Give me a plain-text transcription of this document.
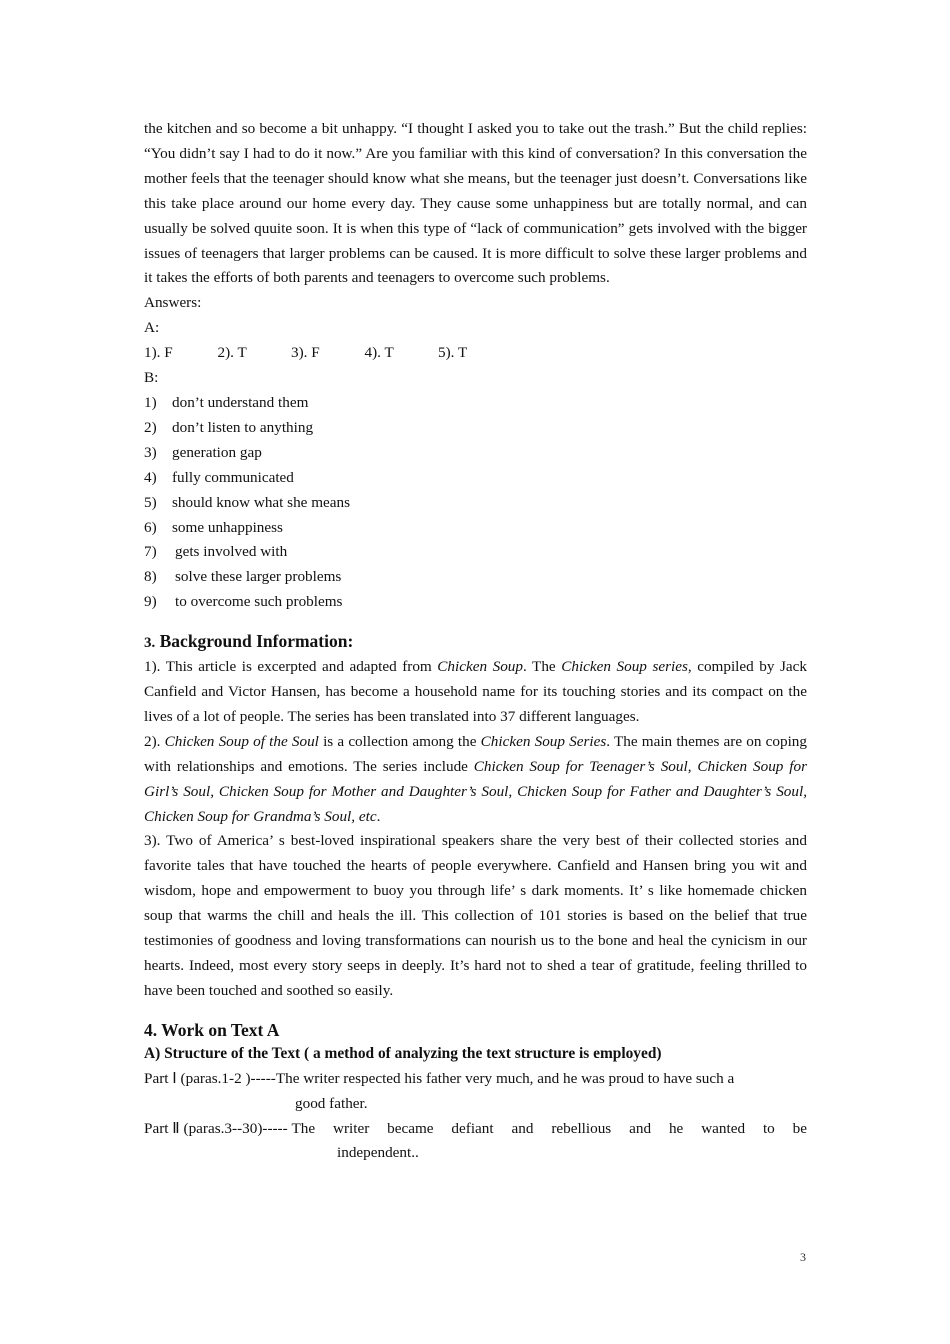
the kitchen and so become a bit unhappy. “I thought I asked you to take out the trash.” But the child replies: “You didn’t say I had to do it now.” Are you familiar with this kind of conversation? In this conversation the mother feels that the teenager should know what she means, but the teenager just doesn’t. Conversations like this take place around our home every day. They cause some unhappiness but are totally normal, and can usually be solved quuite soon. It is when this type of “lack of communication” gets involved with the bigger issues of teenagers that larger problems can be caused. It is more difficult to solve these larger problems and it takes the efforts of both parents and teenagers to overcome such problems.
Answers:
A:
1). F	2). T	3). F	4). T	5). T
B:
1)	don’t understand them
2)	don’t listen to anything
3)	generation gap
4)	fully communicated
5)	should know what she means
6)	some unhappiness
7)	gets involved with
8)	solve these larger problems
9)	to overcome such problems
3. Background Information:
1). This article is excerpted and adapted from Chicken Soup. The Chicken Soup series, compiled by Jack Canfield and Victor Hansen, has become a household name for its touching stories and its compact on the lives of a lot of people. The series has been translated into 37 different languages.
2). Chicken Soup of the Soul is a collection among the Chicken Soup Series. The main themes are on coping with relationships and emotions. The series include Chicken Soup for Teenager’s Soul, Chicken Soup for Girl’s Soul, Chicken Soup for Mother and Daughter’s Soul, Chicken Soup for Father and Daughter’s Soul, Chicken Soup for Grandma’s Soul, etc.
3). Two of America’ s best-loved inspirational speakers share the very best of their collected stories and favorite tales that have touched the hearts of people everywhere. Canfield and Hansen bring you wit and wisdom, hope and empowerment to buoy you through life’ s dark moments. It’ s like homemade chicken soup that warms the chill and heals the ill. This collection of 101 stories is based on the belief that true testimonies of goodness and loving transformations can nourish us to the bone and heal the cynicism in our hearts. Indeed, most every story seeps in deeply. It’s hard not to shed a tear of gratitude, feeling thrilled to have been touched and soothed so easily.
4. Work on Text A
A) Structure of the Text ( a method of analyzing the text structure is employed)
Part Ⅰ (paras.1-2 )----- The writer respected his father very much, and he was proud to have such a
good father.
Part Ⅱ (paras.3--30)----- The writer became defiant and rebellious and he wanted to be
independent..
3
